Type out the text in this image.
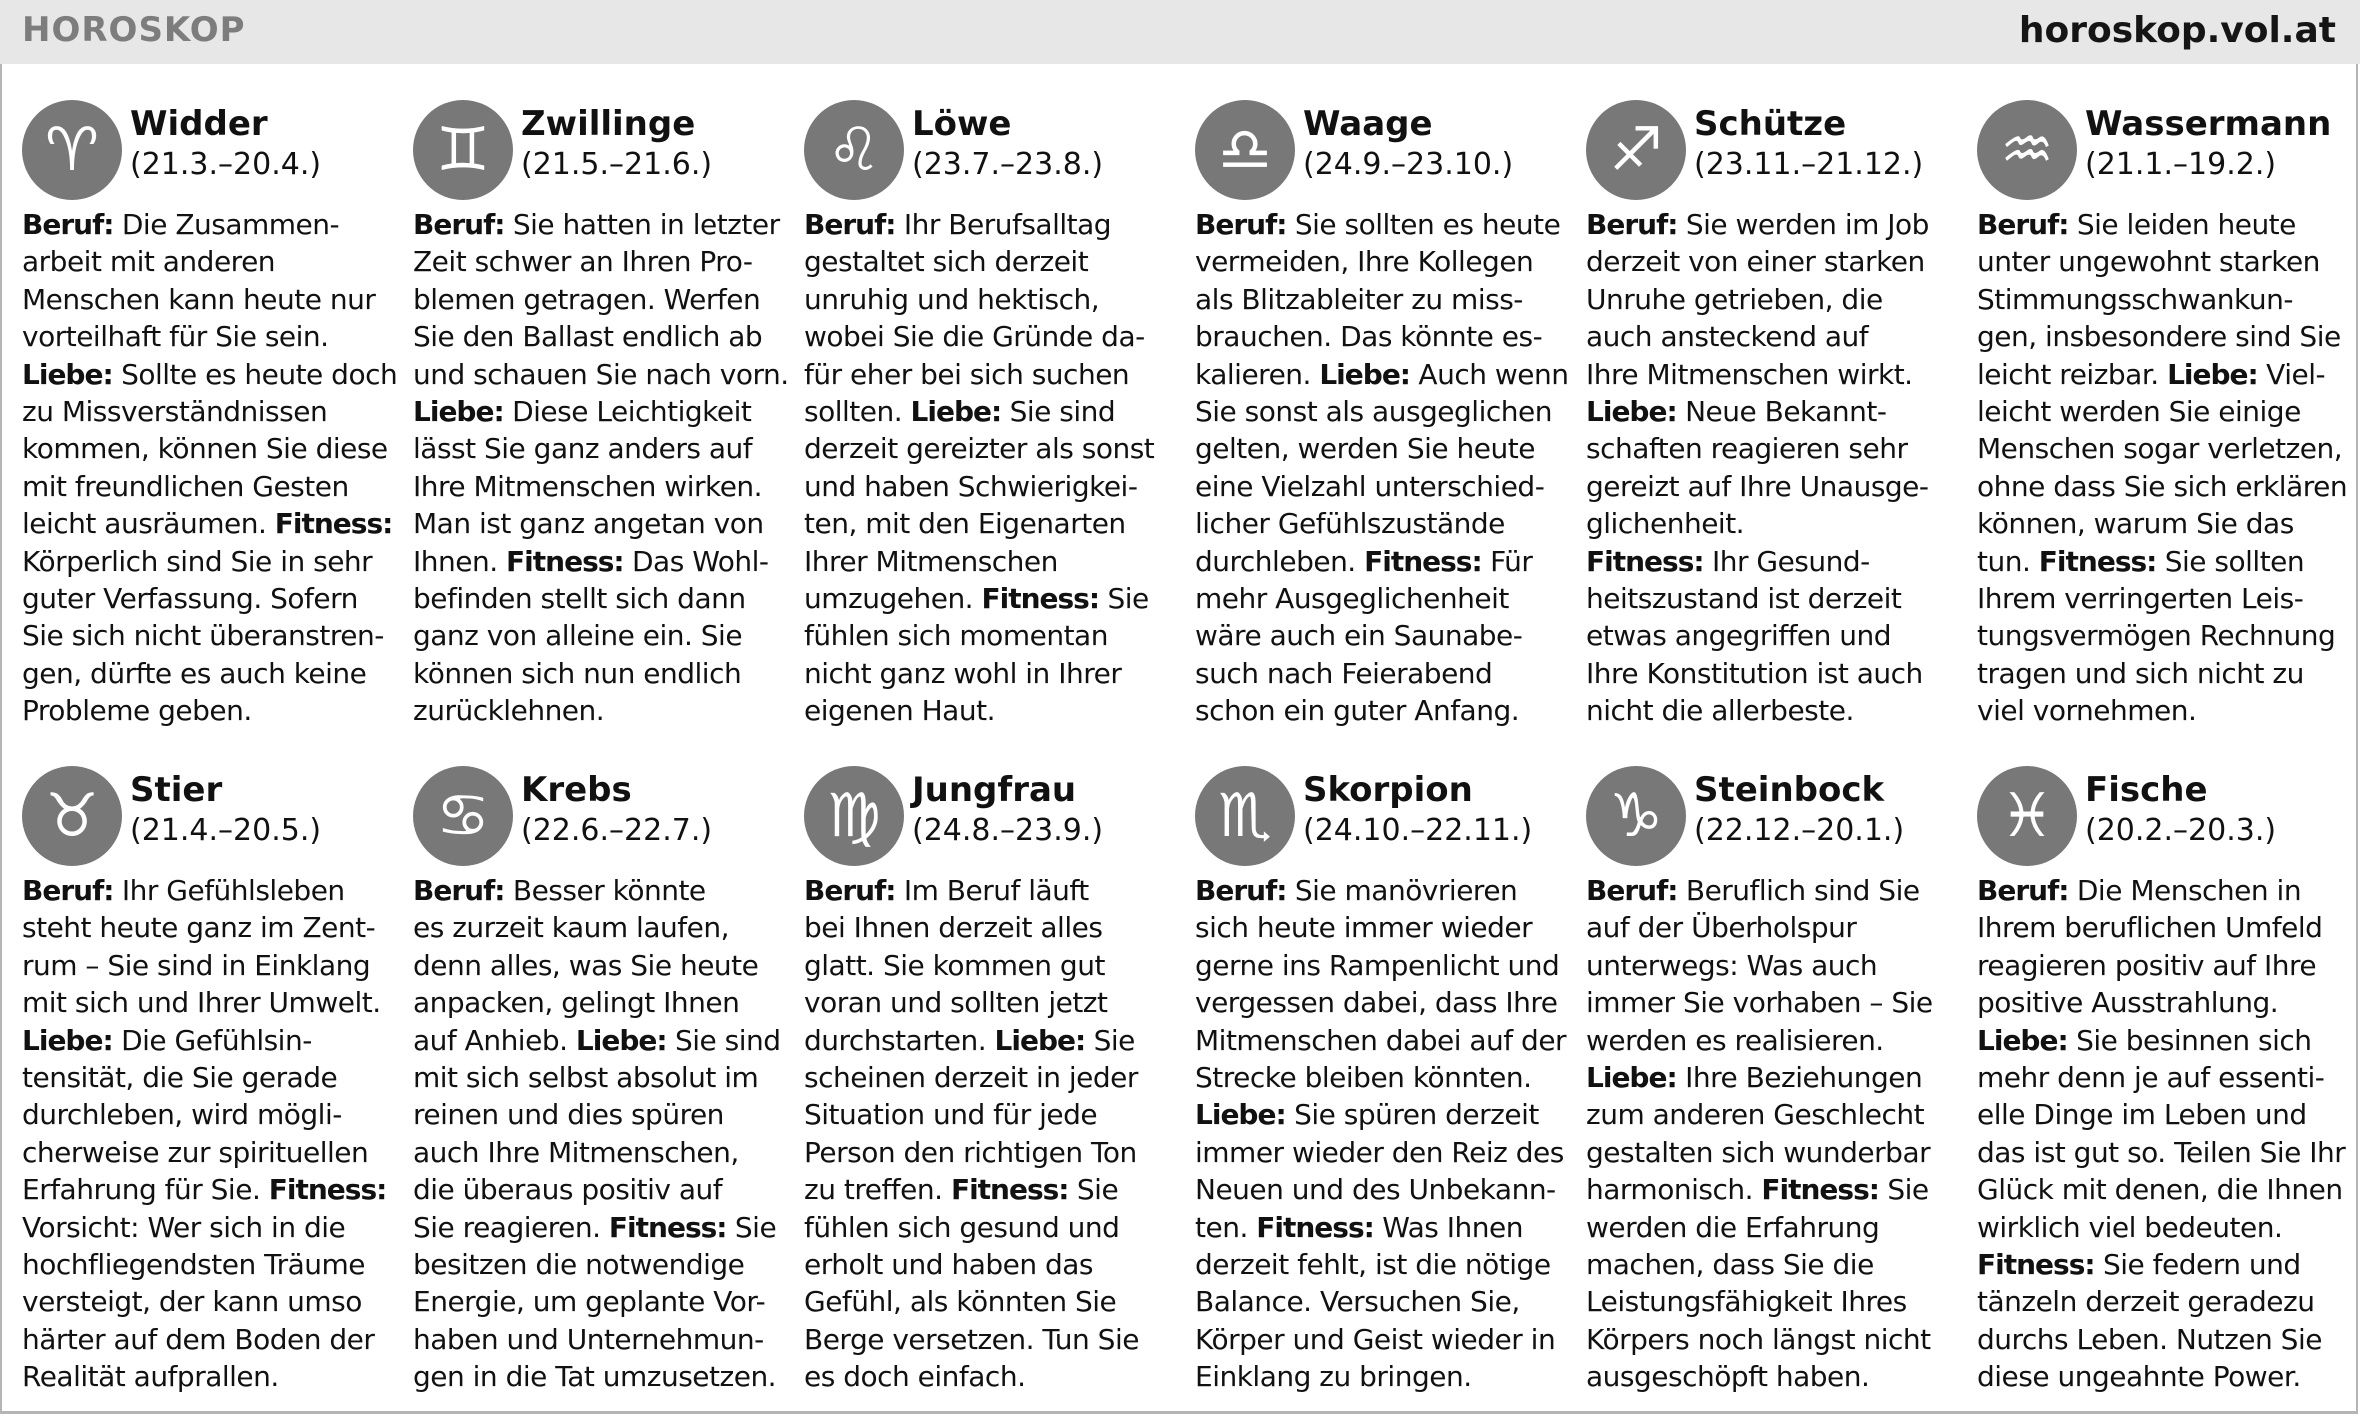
HOROSKOP	horoskop.vol.at
♈ Widder
(21.3.–20.4.)
Beruf: Die Zusammen-
arbeit mit anderen
Menschen kann heute nur
vorteilhaft für Sie sein.
Liebe: Sollte es heute doch
zu Missverständnissen
kommen, können Sie diese
mit freundlichen Gesten
leicht ausräumen. Fitness:
Körperlich sind Sie in sehr
guter Verfassung. Sofern
Sie sich nicht überanstren-
gen, dürfte es auch keine
Probleme geben.
♊ Zwillinge
(21.5.–21.6.)
Beruf: Sie hatten in letzter
Zeit schwer an Ihren Pro-
blemen getragen. Werfen
Sie den Ballast endlich ab
und schauen Sie nach vorn.
Liebe: Diese Leichtigkeit
lässt Sie ganz anders auf
Ihre Mitmenschen wirken.
Man ist ganz angetan von
Ihnen. Fitness: Das Wohl-
befinden stellt sich dann
ganz von alleine ein. Sie
können sich nun endlich
zurücklehnen.
♌ Löwe
(23.7.–23.8.)
Beruf: Ihr Berufsalltag
gestaltet sich derzeit
unruhig und hektisch,
wobei Sie die Gründe da-
für eher bei sich suchen
sollten. Liebe: Sie sind
derzeit gereizter als sonst
und haben Schwierigkei-
ten, mit den Eigenarten
Ihrer Mitmenschen
umzugehen. Fitness: Sie
fühlen sich momentan
nicht ganz wohl in Ihrer
eigenen Haut.
♎ Waage
(24.9.–23.10.)
Beruf: Sie sollten es heute
vermeiden, Ihre Kollegen
als Blitzableiter zu miss-
brauchen. Das könnte es-
kalieren. Liebe: Auch wenn
Sie sonst als ausgeglichen
gelten, werden Sie heute
eine Vielzahl unterschied-
licher Gefühlszustände
durchleben. Fitness: Für
mehr Ausgeglichenheit
wäre auch ein Saunabe-
such nach Feierabend
schon ein guter Anfang.
♐ Schütze
(23.11.–21.12.)
Beruf: Sie werden im Job
derzeit von einer starken
Unruhe getrieben, die
auch ansteckend auf
Ihre Mitmenschen wirkt.
Liebe: Neue Bekannt-
schaften reagieren sehr
gereizt auf Ihre Unausge-
glichenheit.
Fitness: Ihr Gesund-
heitszustand ist derzeit
etwas angegriffen und
Ihre Konstitution ist auch
nicht die allerbeste.
♒ Wassermann
(21.1.–19.2.)
Beruf: Sie leiden heute
unter ungewohnt starken
Stimmungsschwankun-
gen, insbesondere sind Sie
leicht reizbar. Liebe: Viel-
leicht werden Sie einige
Menschen sogar verletzen,
ohne dass Sie sich erklären
können, warum Sie das
tun. Fitness: Sie sollten
Ihrem verringerten Leis-
tungsvermögen Rechnung
tragen und sich nicht zu
viel vornehmen.
♉ Stier
(21.4.–20.5.)
Beruf: Ihr Gefühlsleben
steht heute ganz im Zent-
rum – Sie sind in Einklang
mit sich und Ihrer Umwelt.
Liebe: Die Gefühlsin-
tensität, die Sie gerade
durchleben, wird mögli-
cherweise zur spirituellen
Erfahrung für Sie. Fitness:
Vorsicht: Wer sich in die
hochfliegendsten Träume
versteigt, der kann umso
härter auf dem Boden der
Realität aufprallen.
♋ Krebs
(22.6.–22.7.)
Beruf: Besser könnte
es zurzeit kaum laufen,
denn alles, was Sie heute
anpacken, gelingt Ihnen
auf Anhieb. Liebe: Sie sind
mit sich selbst absolut im
reinen und dies spüren
auch Ihre Mitmenschen,
die überaus positiv auf
Sie reagieren. Fitness: Sie
besitzen die notwendige
Energie, um geplante Vor-
haben und Unternehmun-
gen in die Tat umzusetzen.
♍ Jungfrau
(24.8.–23.9.)
Beruf: Im Beruf läuft
bei Ihnen derzeit alles
glatt. Sie kommen gut
voran und sollten jetzt
durchstarten. Liebe: Sie
scheinen derzeit in jeder
Situation und für jede
Person den richtigen Ton
zu treffen. Fitness: Sie
fühlen sich gesund und
erholt und haben das
Gefühl, als könnten Sie
Berge versetzen. Tun Sie
es doch einfach.
♏ Skorpion
(24.10.–22.11.)
Beruf: Sie manövrieren
sich heute immer wieder
gerne ins Rampenlicht und
vergessen dabei, dass Ihre
Mitmenschen dabei auf der
Strecke bleiben könnten.
Liebe: Sie spüren derzeit
immer wieder den Reiz des
Neuen und des Unbekann-
ten. Fitness: Was Ihnen
derzeit fehlt, ist die nötige
Balance. Versuchen Sie,
Körper und Geist wieder in
Einklang zu bringen.
♑ Steinbock
(22.12.–20.1.)
Beruf: Beruflich sind Sie
auf der Überholspur
unterwegs: Was auch
immer Sie vorhaben – Sie
werden es realisieren.
Liebe: Ihre Beziehungen
zum anderen Geschlecht
gestalten sich wunderbar
harmonisch. Fitness: Sie
werden die Erfahrung
machen, dass Sie die
Leistungsfähigkeit Ihres
Körpers noch längst nicht
ausgeschöpft haben.
♓ Fische
(20.2.–20.3.)
Beruf: Die Menschen in
Ihrem beruflichen Umfeld
reagieren positiv auf Ihre
positive Ausstrahlung.
Liebe: Sie besinnen sich
mehr denn je auf essenti-
elle Dinge im Leben und
das ist gut so. Teilen Sie Ihr
Glück mit denen, die Ihnen
wirklich viel bedeuten.
Fitness: Sie federn und
tänzeln derzeit geradezu
durchs Leben. Nutzen Sie
diese ungeahnte Power.
